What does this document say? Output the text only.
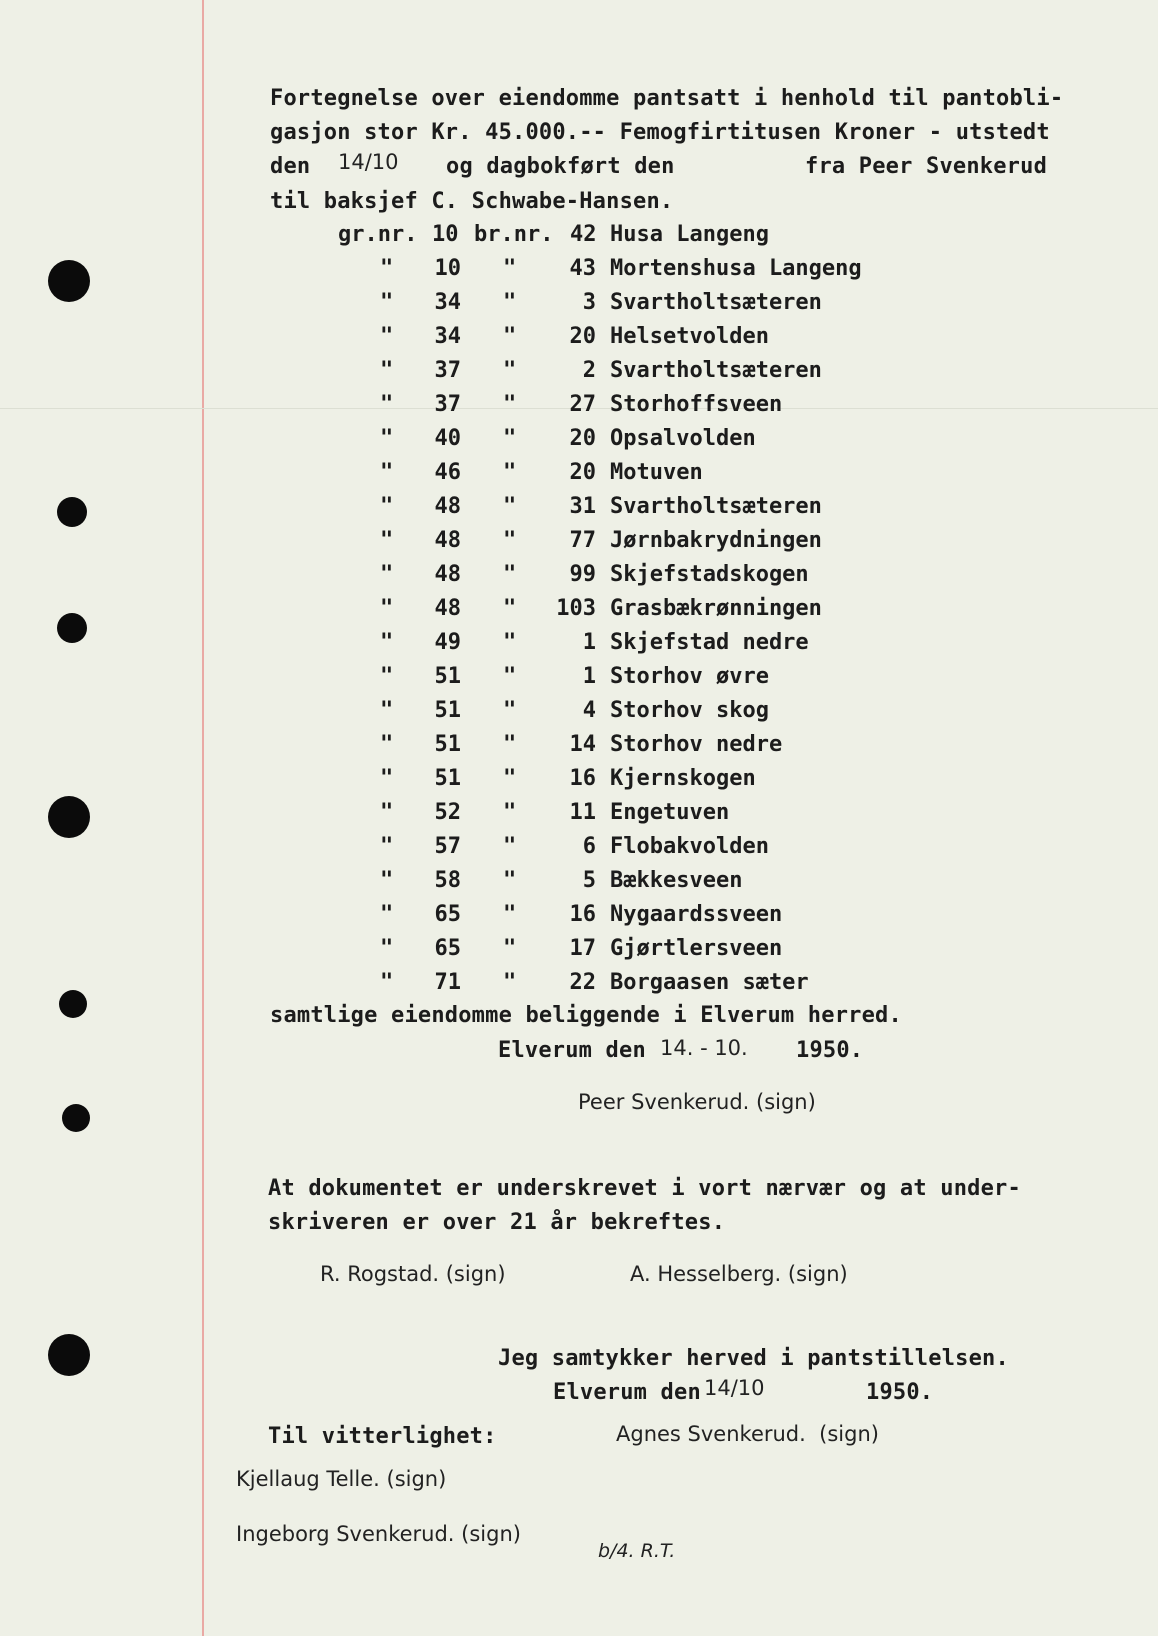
Fortegnelse over eiendomme pantsatt i henhold til pantobli-
gasjon stor Kr. 45.000.-- Femogfirtitusen Kroner - utstedt
den 14/10 og dagbokført den	fra Peer Svenkerud
til baksjef C. Schwabe-Hansen.
gr.nr. 10 br.nr. 42 Husa Langeng
"	10 "	43 Mortenshusa Langeng
"	34 "	3 Svartholtsæteren
"	34 "	20 Helsetvolden
"	37 "	2 Svartholtsæteren
"	37 "	27 Storhoffsveen
"	40 "	20 Opsalvolden
"	46 "	20 Motuven
"	48 "	31 Svartholtsæteren
"	48 "	77 Jørnbakrydningen
"	48 "	99 Skjefstadskogen
"	48 "	103 Grasbækrønningen
"	49 "	1 Skjefstad nedre
"	51 "	1 Storhov øvre
"	51 "	4 Storhov skog
"	51 "	14 Storhov nedre
"	51 "	16 Kjernskogen
"	52 "	11 Engetuven
"	57 "	6 Flobakvolden
"	58 "	5 Bækkesveen
"	65 "	16 Nygaardssveen
"	65 "	17 Gjørtlersveen
"	71 "	22 Borgaasen sæter
samtlige eiendomme beliggende i Elverum herred.
Elverum den 14. - 10. 1950.
Peer Svenkerud. (sign)
At dokumentet er underskrevet i vort nærvær og at under-
skriveren er over 21 år bekreftes.
R. Rogstad. (sign)	A. Hesselberg. (sign)
Jeg samtykker herved i pantstillelsen.
Elverum den 14/10	1950.
Til vitterlighet:	Agnes Svenkerud.  (sign)
Kjellaug Telle. (sign)
Ingeborg Svenkerud. (sign)
b/4. R.T.
